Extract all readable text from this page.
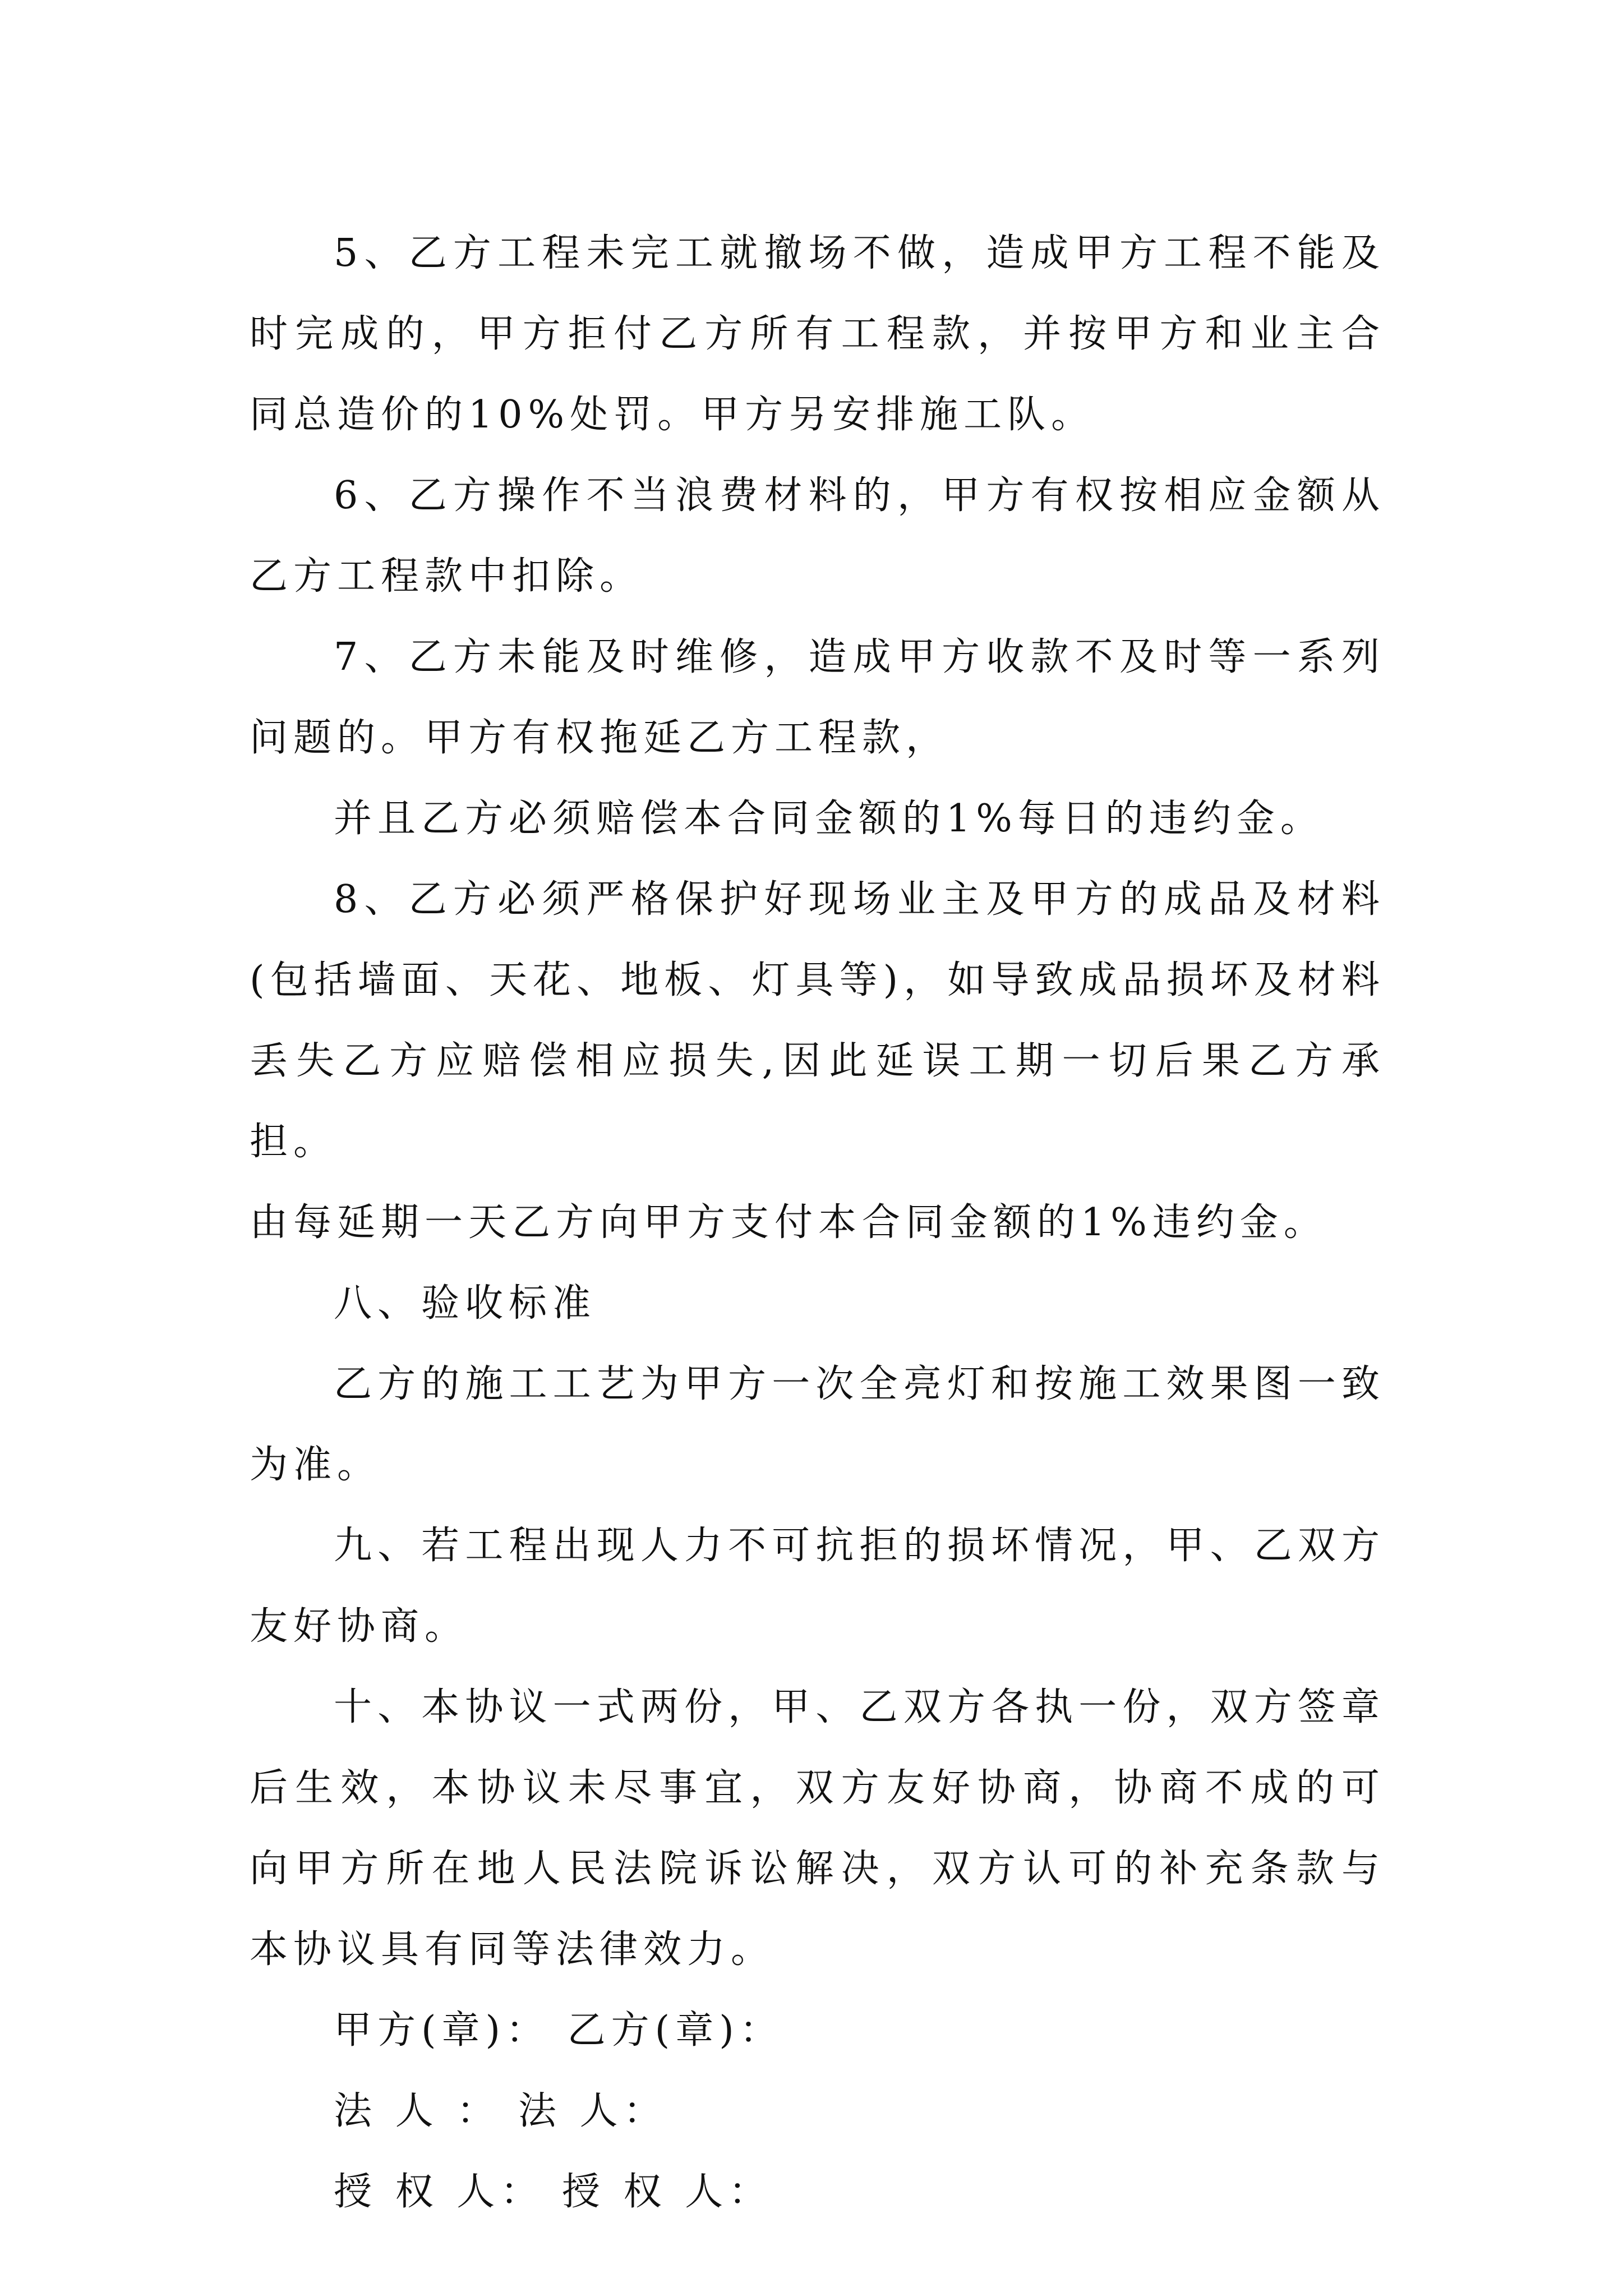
5、乙方工程未完工就撤场不做，造成甲方工程不能及时完成的，甲方拒付乙方所有工程款，并按甲方和业主合同总造价的10%处罚。甲方另安排施工队。

6、乙方操作不当浪费材料的，甲方有权按相应金额从乙方工程款中扣除。

7、乙方未能及时维修，造成甲方收款不及时等一系列问题的。甲方有权拖延乙方工程款，

并且乙方必须赔偿本合同金额的1%每日的违约金。

8、乙方必须严格保护好现场业主及甲方的成品及材料(包括墙面、天花、地板、灯具等)，如导致成品损坏及材料丢失乙方应赔偿相应损失,因此延误工期一切后果乙方承担。

由每延期一天乙方向甲方支付本合同金额的1%违约金。

八、验收标准

乙方的施工工艺为甲方一次全亮灯和按施工效果图一致为准。

九、若工程出现人力不可抗拒的损坏情况，甲、乙双方友好协商。

十、本协议一式两份，甲、乙双方各执一份，双方签章后生效，本协议未尽事宜，双方友好协商，协商不成的可向甲方所在地人民法院诉讼解决，双方认可的补充条款与本协议具有同等法律效力。

甲方(章)： 乙方(章)：

法 人 ： 法 人：

授 权 人： 授 权 人：
